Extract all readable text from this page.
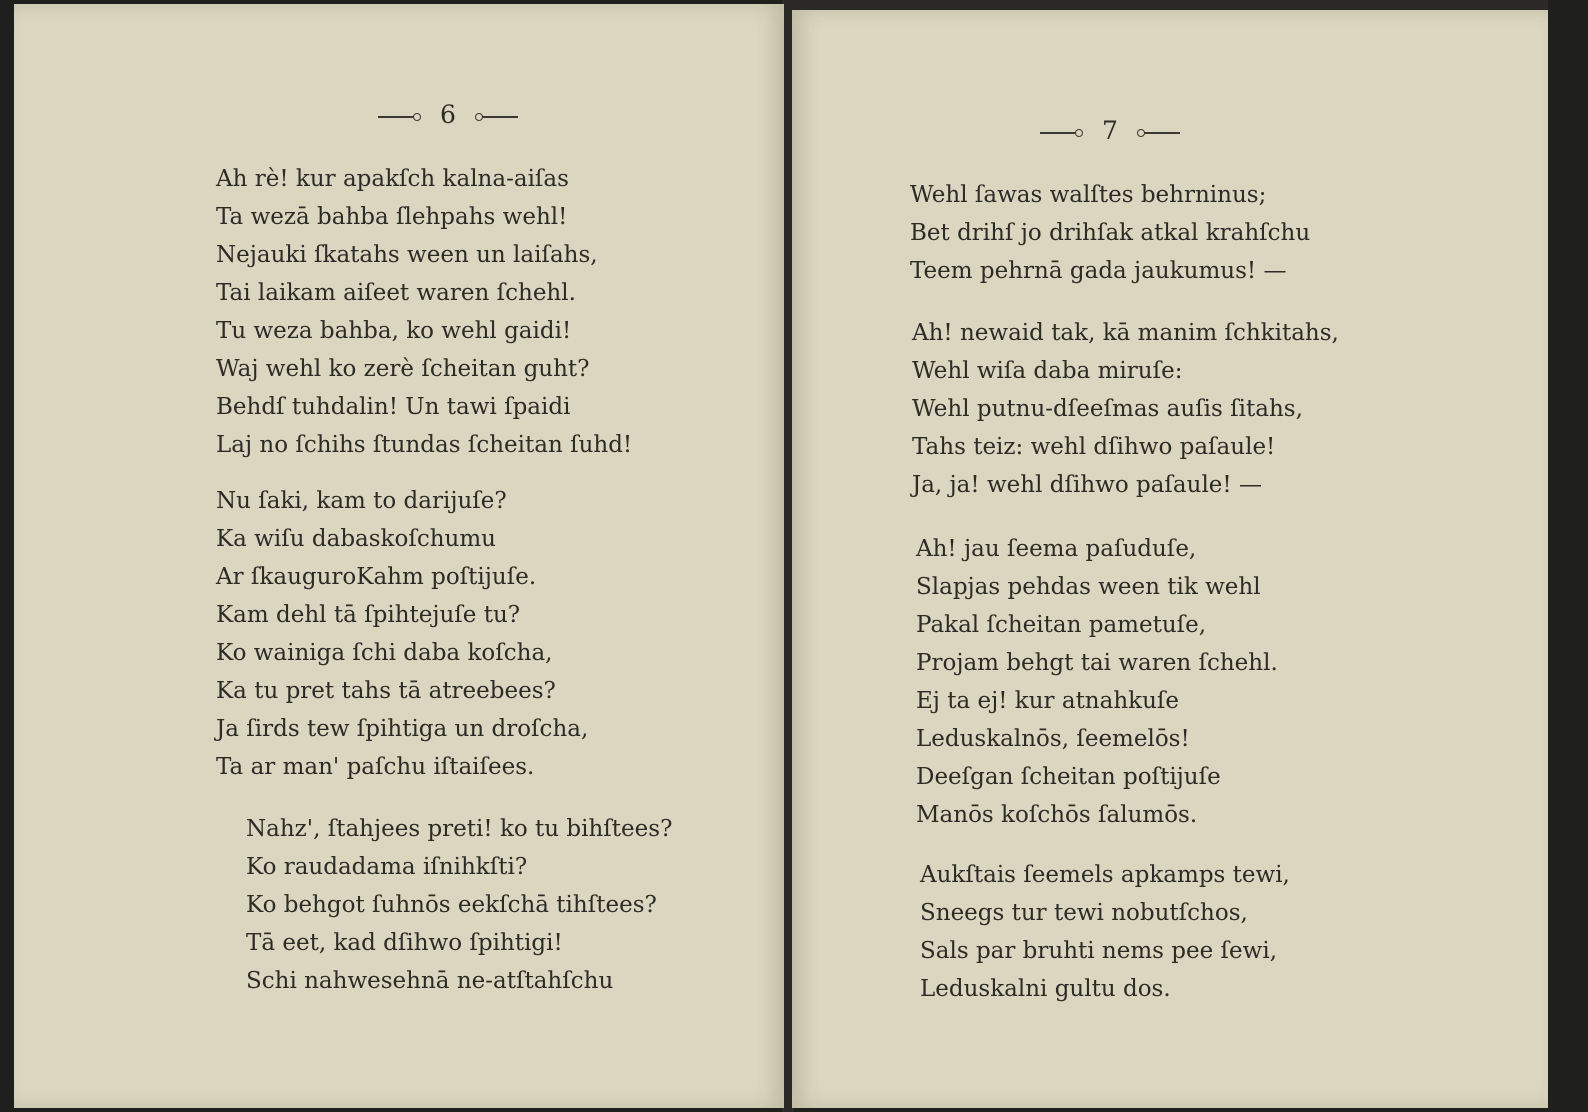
6
Ah rè! kur apakſch kalna-aiſas
Ta wezā bahba ſlehpahs wehl!
Nejauki ſkatahs ween un laiſahs,
Tai laikam aiſeet waren ſchehl.
Tu weza bahba, ko wehl gaidi!
Waj wehl ko zerè ſcheitan guht?
Behdſ tuhdalin! Un tawi ſpaidi
Laj no ſchihs ſtundas ſcheitan ſuhd!
Nu ſaki, kam to darijuſe?
Ka wiſu dabaskoſchumu
Ar ſkauguroKahm poſtijuſe.
Kam dehl tā ſpihtejuſe tu?
Ko wainiga ſchi daba koſcha,
Ka tu pret tahs tā atreebees?
Ja ſirds tew ſpihtiga un droſcha,
Ta ar man' paſchu iſtaiſees.
Nahz', ſtahjees preti! ko tu bihſtees?
Ko raudadama iſnihkſti?
Ko behgot ſuhnōs eekſchā tihſtees?
Tā eet, kad dſihwo ſpihtigi!
Schi nahwesehnā ne-atſtahſchu
7
Wehl ſawas walſtes behrninus;
Bet drihſ jo drihſak atkal krahſchu
Teem pehrnā gada jaukumus! —
Ah! newaid tak, kā manim ſchkitahs,
Wehl wiſa daba miruſe:
Wehl putnu-dſeeſmas auſis ſitahs,
Tahs teiz: wehl dſihwo paſaule!
Ja, ja! wehl dſihwo paſaule! —
Ah! jau ſeema paſuduſe,
Slapjas pehdas ween tik wehl
Pakal ſcheitan pametuſe,
Projam behgt tai waren ſchehl.
Ej ta ej! kur atnahkuſe
Leduskalnōs, ſeemelōs!
Deeſgan ſcheitan poſtijuſe
Manōs koſchōs ſalumōs.
Aukſtais ſeemels apkamps tewi,
Sneegs tur tewi nobutſchos,
Sals par bruhti nems pee ſewi,
Leduskalni gultu dos.
